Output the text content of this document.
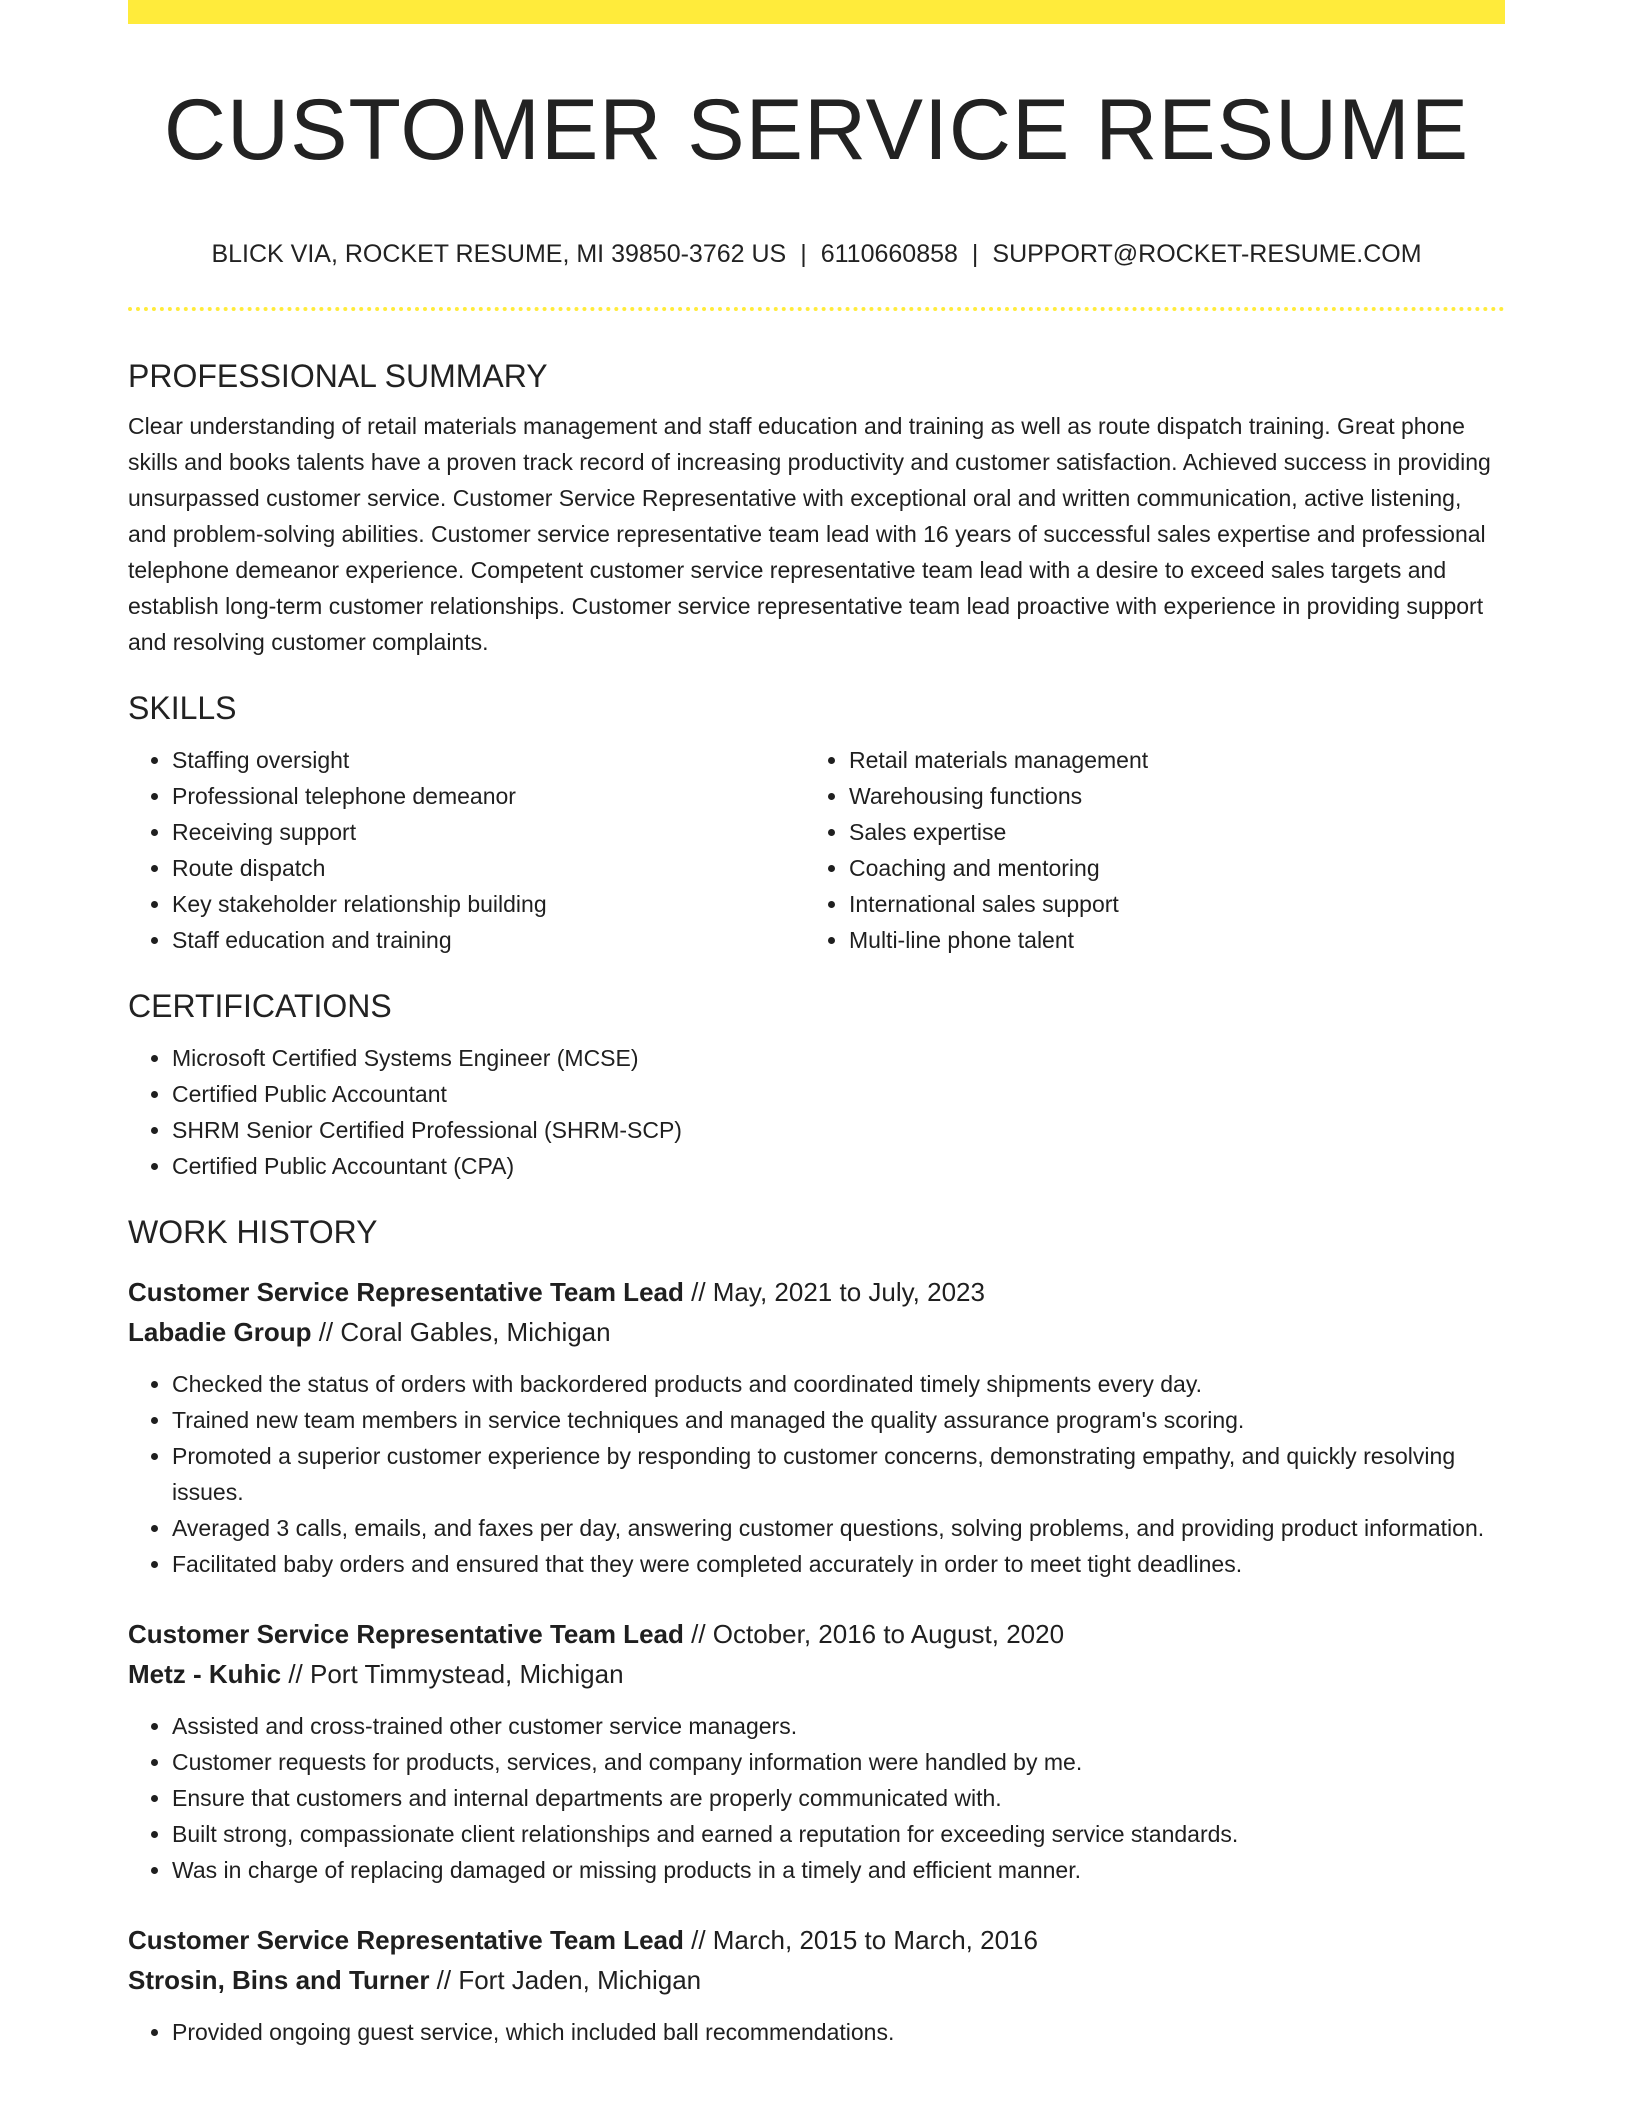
CUSTOMER SERVICE RESUME
BLICK VIA, ROCKET RESUME, MI 39850-3762 US | 6110660858 | SUPPORT@ROCKET-RESUME.COM
PROFESSIONAL SUMMARY

Clear understanding of retail materials management and staff education and training as well as route dispatch training. Great phone skills and books talents have a proven track record of increasing productivity and customer satisfaction. Achieved success in providing unsurpassed customer service. Customer Service Representative with exceptional oral and written communication, active listening, and problem-solving abilities. Customer service representative team lead with 16 years of successful sales expertise and professional telephone demeanor experience. Competent customer service representative team lead with a desire to exceed sales targets and establish long-term customer relationships. Customer service representative team lead proactive with experience in providing support and resolving customer complaints.

SKILLS
• Staffing oversight
• Professional telephone demeanor
• Receiving support
• Route dispatch
• Key stakeholder relationship building
• Staff education and training
• Retail materials management
• Warehousing functions
• Sales expertise
• Coaching and mentoring
• International sales support
• Multi-line phone talent
CERTIFICATIONS
• Microsoft Certified Systems Engineer (MCSE)
• Certified Public Accountant
• SHRM Senior Certified Professional (SHRM-SCP)
• Certified Public Accountant (CPA)
WORK HISTORY
Customer Service Representative Team Lead // May, 2021 to July, 2023
Labadie Group // Coral Gables, Michigan
• Checked the status of orders with backordered products and coordinated timely shipments every day.
• Trained new team members in service techniques and managed the quality assurance program's scoring.
• Promoted a superior customer experience by responding to customer concerns, demonstrating empathy, and quickly resolving issues.
• Averaged 3 calls, emails, and faxes per day, answering customer questions, solving problems, and providing product information.
• Facilitated baby orders and ensured that they were completed accurately in order to meet tight deadlines.
Customer Service Representative Team Lead // October, 2016 to August, 2020
Metz - Kuhic // Port Timmystead, Michigan
• Assisted and cross-trained other customer service managers.
• Customer requests for products, services, and company information were handled by me.
• Ensure that customers and internal departments are properly communicated with.
• Built strong, compassionate client relationships and earned a reputation for exceeding service standards.
• Was in charge of replacing damaged or missing products in a timely and efficient manner.
Customer Service Representative Team Lead // March, 2015 to March, 2016
Strosin, Bins and Turner // Fort Jaden, Michigan
• Provided ongoing guest service, which included ball recommendations.
